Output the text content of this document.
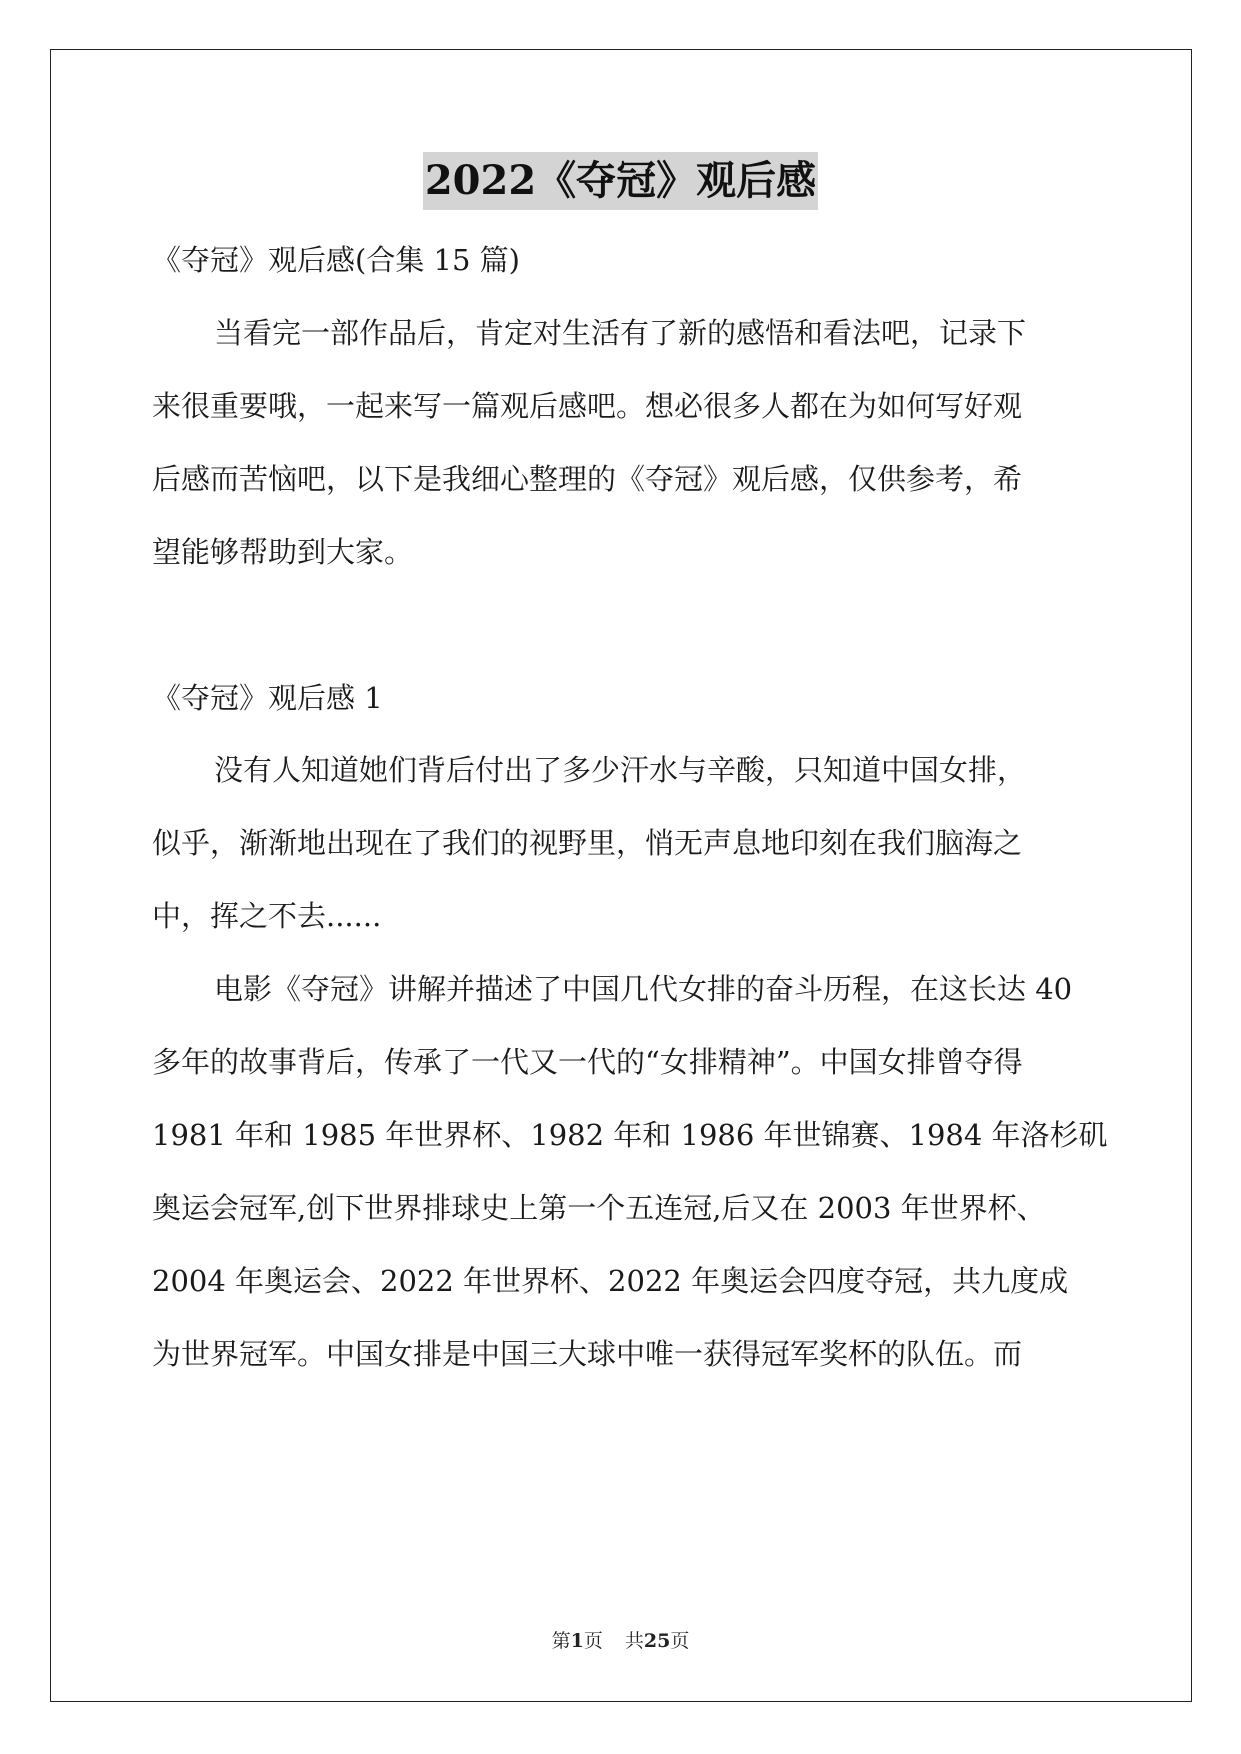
2022《夺冠》观后感
《夺冠》观后感(合集 15 篇)
当看完一部作品后，肯定对生活有了新的感悟和看法吧，记录下
来很重要哦，一起来写一篇观后感吧。想必很多人都在为如何写好观
后感而苦恼吧，以下是我细心整理的《夺冠》观后感，仅供参考，希
望能够帮助到大家。
《夺冠》观后感 1
没有人知道她们背后付出了多少汗水与辛酸，只知道中国女排，
似乎，渐渐地出现在了我们的视野里，悄无声息地印刻在我们脑海之
中，挥之不去......
电影《夺冠》讲解并描述了中国几代女排的奋斗历程，在这长达 40
多年的故事背后，传承了一代又一代的“女排精神”。中国女排曾夺得
1981 年和 1985 年世界杯、1982 年和 1986 年世锦赛、1984 年洛杉矶
奥运会冠军,创下世界排球史上第一个五连冠,后又在 2003 年世界杯、
2004 年奥运会、2022 年世界杯、2022 年奥运会四度夺冠，共九度成
为世界冠军。中国女排是中国三大球中唯一获得冠军奖杯的队伍。而
第1页 共25页
